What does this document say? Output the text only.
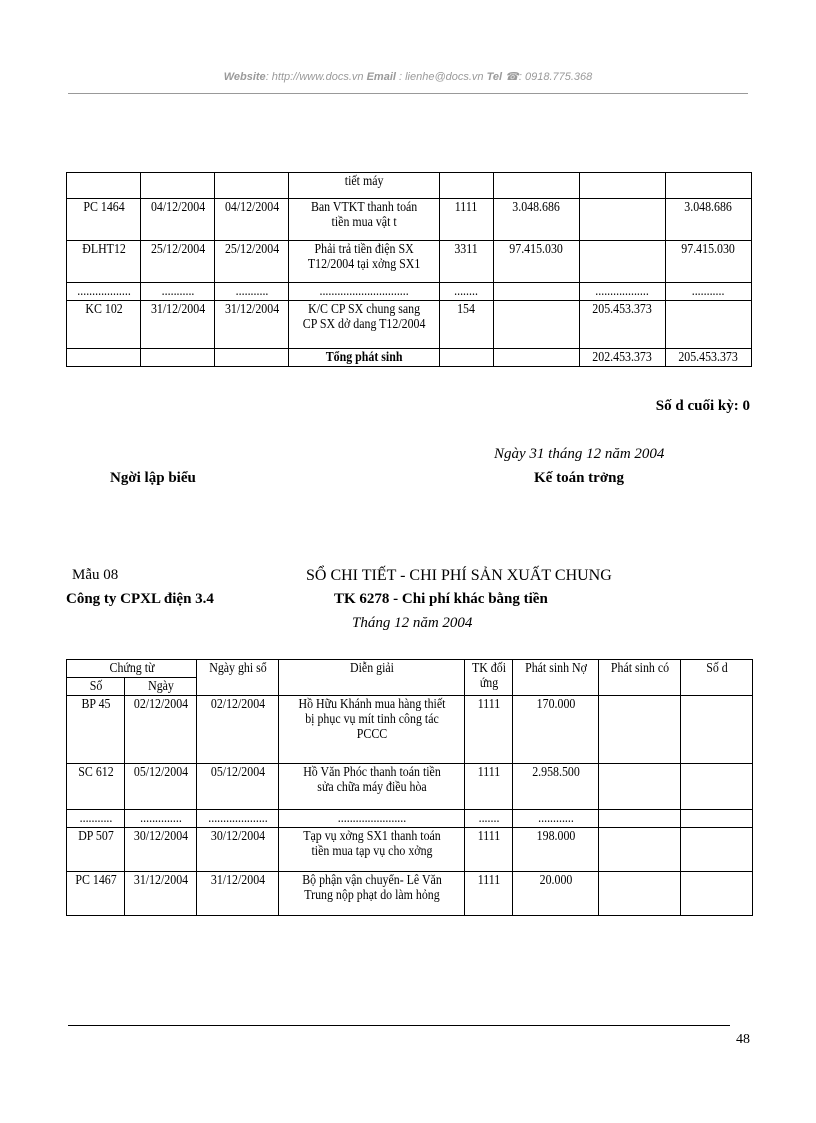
Website: http://www.docs.vn Email : lienhe@docs.vn Tel ☎: 0918.775.368
			tiết máy				
PC 1464	04/12/2004	04/12/2004	Ban VTKT thanh toán tiền mua vật t	1111	3.048.686		3.048.686
ĐLHT12	25/12/2004	25/12/2004	Phải trả tiền điện SX T12/2004 tại xởng SX1	3311	97.415.030		97.415.030
..................	...........	...........	..............................	........		..................	...........
KC 102	31/12/2004	31/12/2004	K/C CP SX chung sang CP SX dở dang T12/2004	154		205.453.373	
			Tổng phát sinh			202.453.373	205.453.373
Số d cuối kỳ: 0
Ngày 31 tháng 12 năm 2004
Ngời lập biểu	Kế toán trởng
Mẫu 08
Công ty CPXL điện 3.4
SỔ CHI TIẾT - CHI PHÍ SẢN XUẤT CHUNG
TK 6278 - Chi phí khác bằng tiền
Tháng 12 năm 2004
Chứng từ		Ngày ghi sổ	Diễn giải	TK đối ứng	Phát sinh Nợ	Phát sinh có	Số d
Số	Ngày						
BP 45	02/12/2004	02/12/2004	Hồ Hữu Khánh mua hàng thiết bị phục vụ mít tinh công tác PCCC	1111	170.000		
SC 612	05/12/2004	05/12/2004	Hồ Văn Phóc thanh toán tiền sửa chữa máy điều hòa	1111	2.958.500		
...........	..............	....................	.......................	.......	............		
DP 507	30/12/2004	30/12/2004	Tạp vụ xởng SX1 thanh toán tiền mua tạp vụ cho xởng	1111	198.000		
PC 1467	31/12/2004	31/12/2004	Bộ phận vận chuyển- Lê Văn Trung nộp phạt do làm hỏng	1111	20.000		
48
